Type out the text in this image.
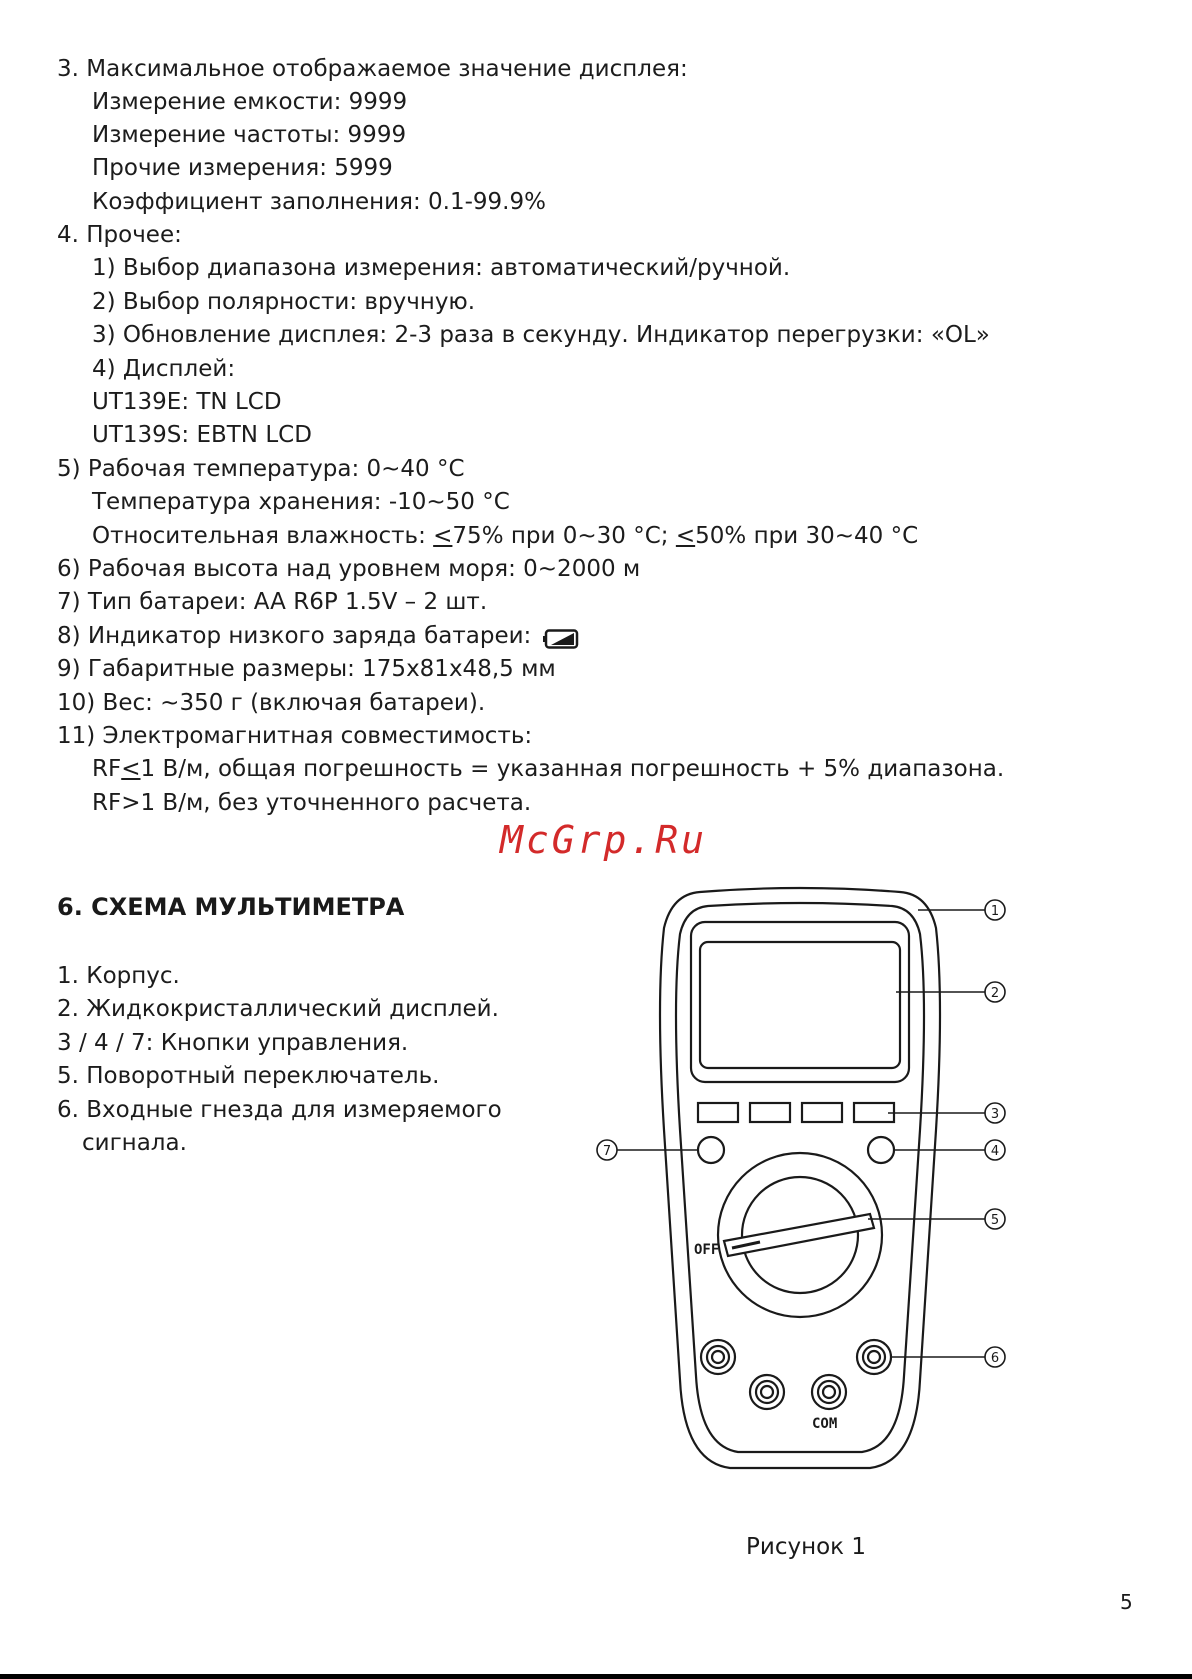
3. Максимальное отображаемое значение дисплея:
Измерение емкости: 9999
Измерение частоты: 9999
Прочие измерения: 5999
Коэффициент заполнения: 0.1-99.9%
4. Прочее:
1) Выбор диапазона измерения: автоматический/ручной.
2) Выбор полярности: вручную.
3) Обновление дисплея: 2-3 раза в секунду. Индикатор перегрузки: «OL»
4) Дисплей:
UT139E: TN LCD
UT139S: EBTN LCD
5) Рабочая температура: 0~40 °C
Температура хранения: -10~50 °C
Относительная влажность: <75% при 0~30 °C; <50% при 30~40 °C
6) Рабочая высота над уровнем моря: 0~2000 м
7) Тип батареи: AA R6P 1.5V – 2 шт.
8) Индикатор низкого заряда батареи:
9) Габаритные размеры: 175x81x48,5 мм
10) Вес: ~350 г (включая батареи).
11) Электромагнитная совместимость:
RF≤1 В/м, общая погрешность = указанная погрешность + 5% диапазона.
RF>1 В/м, без уточненного расчета.
McGrp.Ru
6. СХЕМА МУЛЬТИМЕТРА
1. Корпус.
2. Жидкокристаллический дисплей.
3 / 4 / 7: Кнопки управления.
5. Поворотный переключатель.
6. Входные гнезда для измеряемого
сигнала.
1
2
3
4
5
6
7
OFF
COM
Рисунок 1
5
